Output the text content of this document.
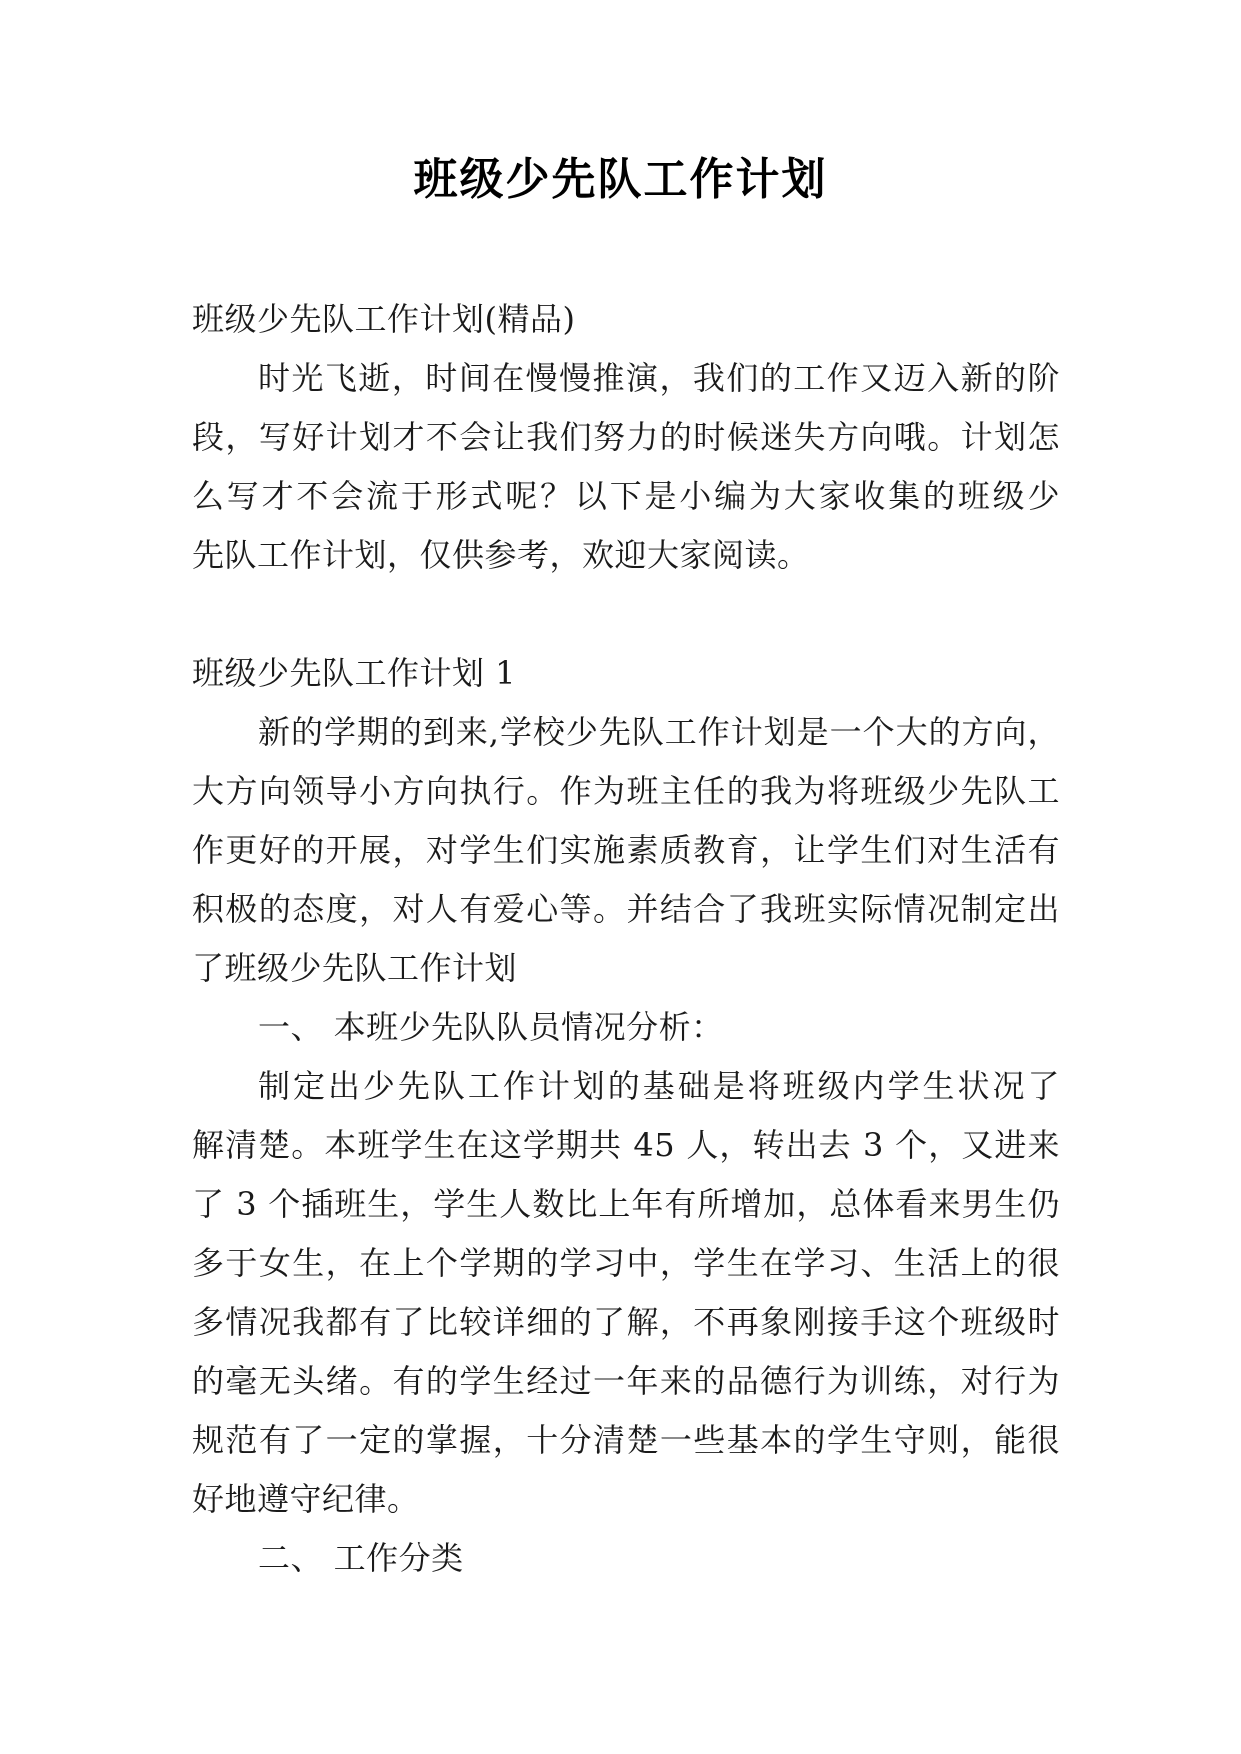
班级少先队工作计划
班级少先队工作计划(精品)
时光飞逝，时间在慢慢推演，我们的工作又迈入新的阶
段，写好计划才不会让我们努力的时候迷失方向哦。计划怎
么写才不会流于形式呢？以下是小编为大家收集的班级少
先队工作计划，仅供参考，欢迎大家阅读。
班级少先队工作计划 1
新的学期的到来,学校少先队工作计划是一个大的方向，
大方向领导小方向执行。作为班主任的我为将班级少先队工
作更好的开展，对学生们实施素质教育，让学生们对生活有
积极的态度，对人有爱心等。并结合了我班实际情况制定出
了班级少先队工作计划
一、 本班少先队队员情况分析：
制定出少先队工作计划的基础是将班级内学生状况了
解清楚。本班学生在这学期共 45 人，转出去 3 个，又进来
了 3 个插班生，学生人数比上年有所增加，总体看来男生仍
多于女生，在上个学期的学习中，学生在学习、生活上的很
多情况我都有了比较详细的了解，不再象刚接手这个班级时
的毫无头绪。有的学生经过一年来的品德行为训练，对行为
规范有了一定的掌握，十分清楚一些基本的学生守则，能很
好地遵守纪律。
二、 工作分类
